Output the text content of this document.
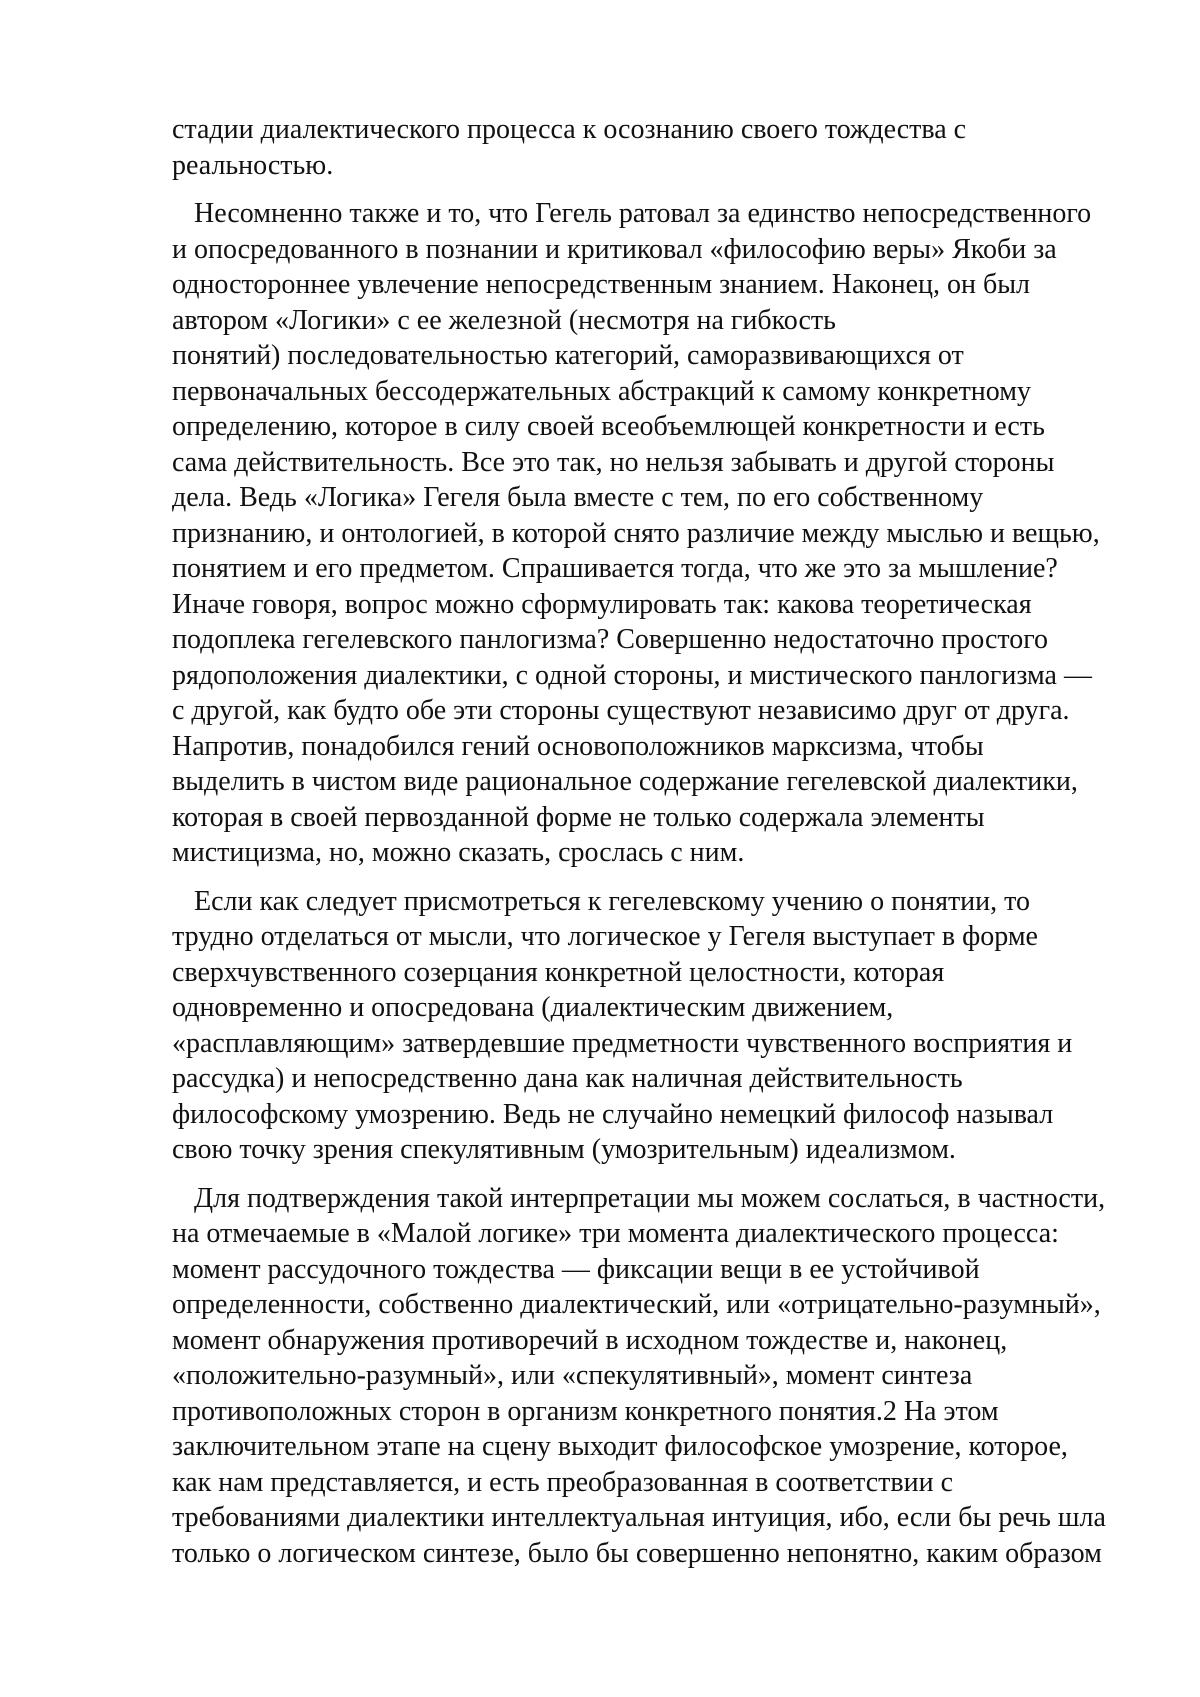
стадии диалектического процесса к осознанию своего тождества с
реальностью.

Несомненно также и то, что Гегель ратовал за единство непосредственного
и опосредованного в познании и критиковал «философию веры» Якоби за
одностороннее увлечение непосредственным знанием. Наконец, он был
автором «Логики» с ее железной (несмотря на гибкость
понятий) последовательностью категорий, саморазвивающихся от
первоначальных бессодержательных абстракций к самому конкретному
определению, которое в силу своей всеобъемлющей конкретности и есть
сама действительность. Все это так, но нельзя забывать и другой стороны
дела. Ведь «Логика» Гегеля была вместе с тем, по его собственному
признанию, и онтологией, в которой снято различие между мыслью и вещью,
понятием и его предметом. Спрашивается тогда, что же это за мышление?
Иначе говоря, вопрос можно сформулировать так: какова теоретическая
подоплека гегелевского панлогизма? Совершенно недостаточно простого
рядоположения диалектики, с одной стороны, и мистического панлогизма —
с другой, как будто обе эти стороны существуют независимо друг от друга.
Напротив, понадобился гений основоположников марксизма, чтобы
выделить в чистом виде рациональное содержание гегелевской диалектики,
которая в своей первозданной форме не только содержала элементы
мистицизма, но, можно сказать, срослась с ним.

Если как следует присмотреться к гегелевскому учению о понятии, то
трудно отделаться от мысли, что логическое у Гегеля выступает в форме
сверхчувственного созерцания конкретной целостности, которая
одновременно и опосредована (диалектическим движением,
«расплавляющим» затвердевшие предметности чувственного восприятия и
рассудка) и непосредственно дана как наличная действительность
философскому умозрению. Ведь не случайно немецкий философ называл
свою точку зрения спекулятивным (умозрительным) идеализмом.

Для подтверждения такой интерпретации мы можем сослаться, в частности,
на отмечаемые в «Малой логике» три момента диалектического процесса:
момент рассудочного тождества — фиксации вещи в ее устойчивой
определенности, собственно диалектический, или «отрицательно-разумный»,
момент обнаружения противоречий в исходном тождестве и, наконец,
«положительно-разумный», или «спекулятивный», момент синтеза
противоположных сторон в организм конкретного понятия.2 На этом
заключительном этапе на сцену выходит философское умозрение, которое,
как нам представляется, и есть преобразованная в соответствии с
требованиями диалектики интеллектуальная интуиция, ибо, если бы речь шла
только о логическом синтезе, было бы совершенно непонятно, каким образом
